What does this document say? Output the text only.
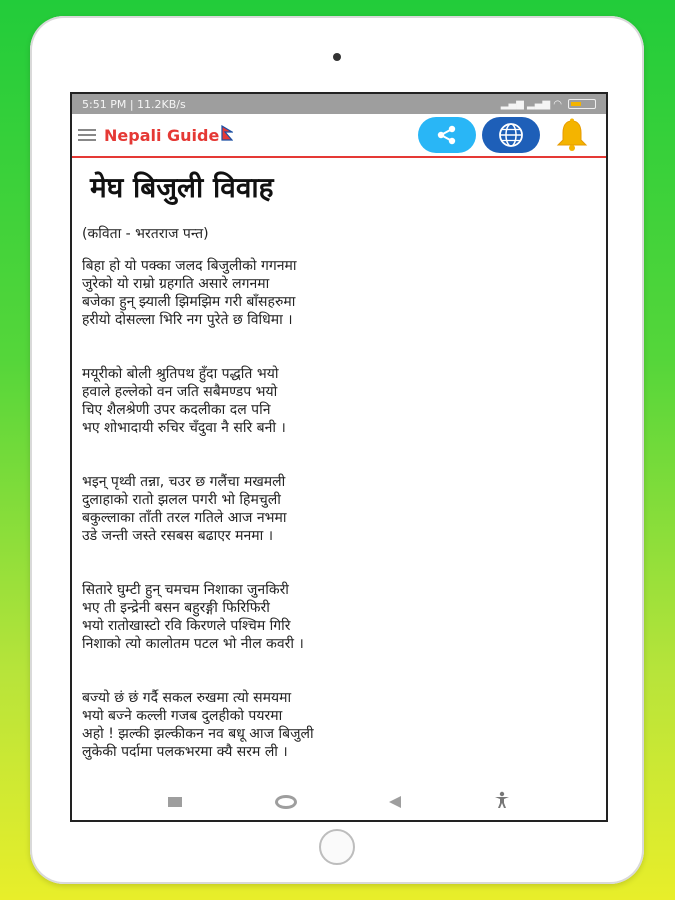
5:51 PM | 11.2KB/s	▂▄▆ ▂▄▆ ◠
Nepali Guide
मेघ बिजुली विवाह
(कविता - भरतराज पन्त)
बिहा हो यो पक्का जलद बिजुलीको गगनमा
जुरेको यो राम्रो ग्रहगति असारे लगनमा
बजेका हुन् झ्याली झिमझिम गरी बाँसहरुमा
हरीयो दोसल्ला भिरि नग पुरेते छ विधिमा ।
मयूरीको बोली श्रुतिपथ हुँदा पद्धति भयो
हवाले हल्लेको वन जति सबैमण्डप भयो
चिए शैलश्रेणी उपर कदलीका दल पनि
भए शोभादायी रुचिर चँदुवा नै सरि बनी ।
भइन् पृथ्वी तन्ना, चउर छ गलैंचा मखमली
दुलाहाको रातो झलल पगरी भो हिमचुली
बकुल्लाका ताँती तरल गतिले आज नभमा
उडे जन्ती जस्ते रसबस बढाएर मनमा ।
सितारे घुम्टी हुन् चमचम निशाका जुनकिरी
भए ती इन्द्रेनी बसन बहुरङ्गी फिरिफिरी
भयो रातोखास्टो रवि किरणले पश्चिम गिरि
निशाको त्यो कालोतम पटल भो नील कवरी ।
बज्यो छं छं गर्दै सकल रुखमा त्यो समयमा
भयो बज्ने कल्ली गजब दुलहीको पयरमा
अहो ! झल्की झल्कीकन नव बधू आज बिजुली
लुकेकी पर्दामा पलकभरमा क्यै सरम ली ।
